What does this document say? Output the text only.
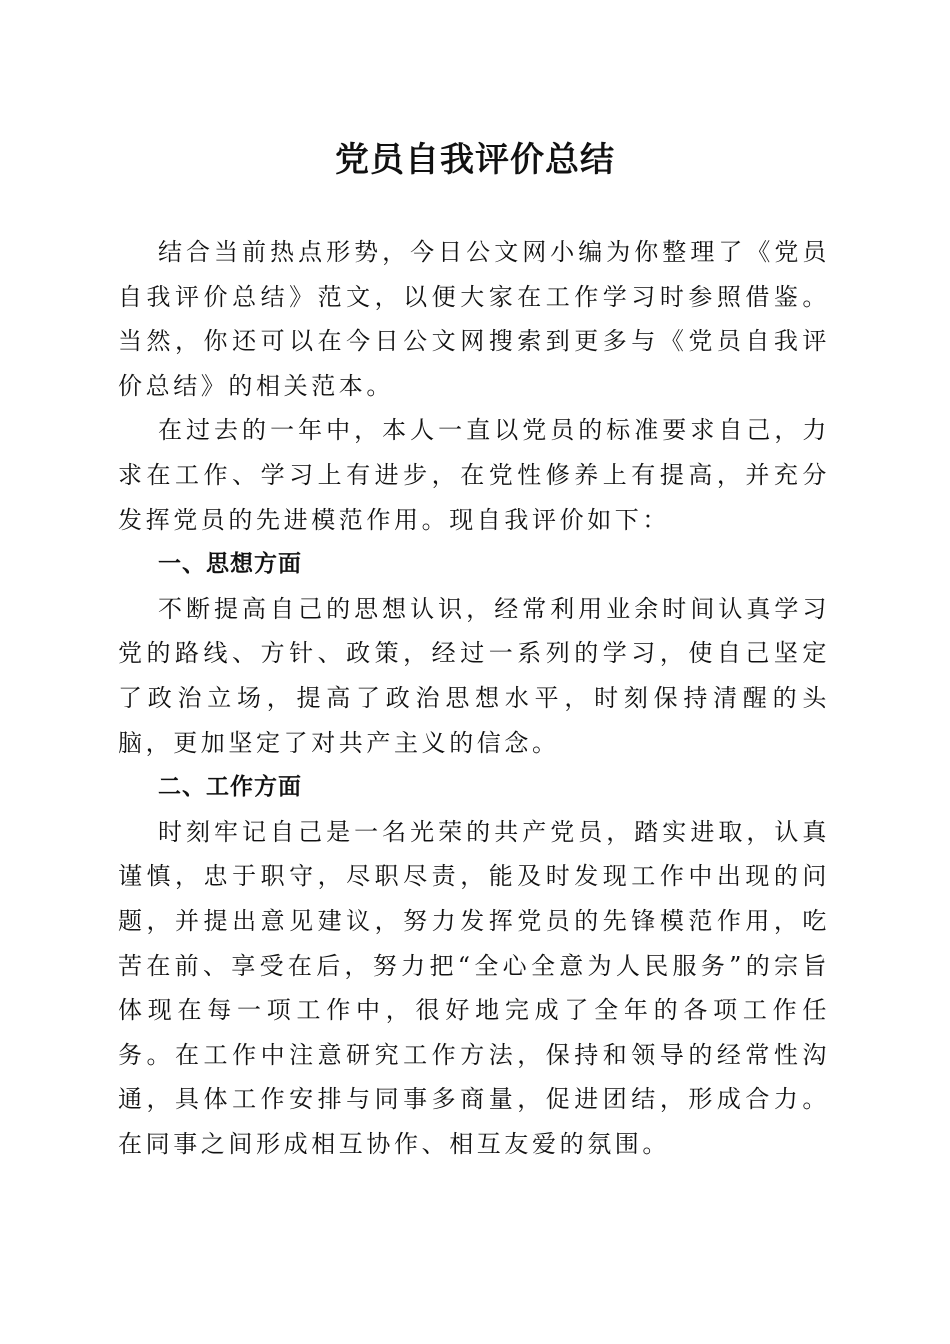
党员自我评价总结

结合当前热点形势，今日公文网小编为你整理了《党员自我评价总结》范文，以便大家在工作学习时参照借鉴。当然，你还可以在今日公文网搜索到更多与《党员自我评价总结》的相关范本。

在过去的一年中，本人一直以党员的标准要求自己，力求在工作、学习上有进步，在党性修养上有提高，并充分发挥党员的先进模范作用。现自我评价如下：

一、思想方面

不断提高自己的思想认识，经常利用业余时间认真学习党的路线、方针、政策，经过一系列的学习，使自己坚定了政治立场，提高了政治思想水平，时刻保持清醒的头脑，更加坚定了对共产主义的信念。

二、工作方面

时刻牢记自己是一名光荣的共产党员，踏实进取，认真谨慎，忠于职守，尽职尽责，能及时发现工作中出现的问题，并提出意见建议，努力发挥党员的先锋模范作用，吃苦在前、享受在后，努力把“全心全意为人民服务”的宗旨体现在每一项工作中，很好地完成了全年的各项工作任务。在工作中注意研究工作方法，保持和领导的经常性沟通，具体工作安排与同事多商量，促进团结，形成合力。在同事之间形成相互协作、相互友爱的氛围。
